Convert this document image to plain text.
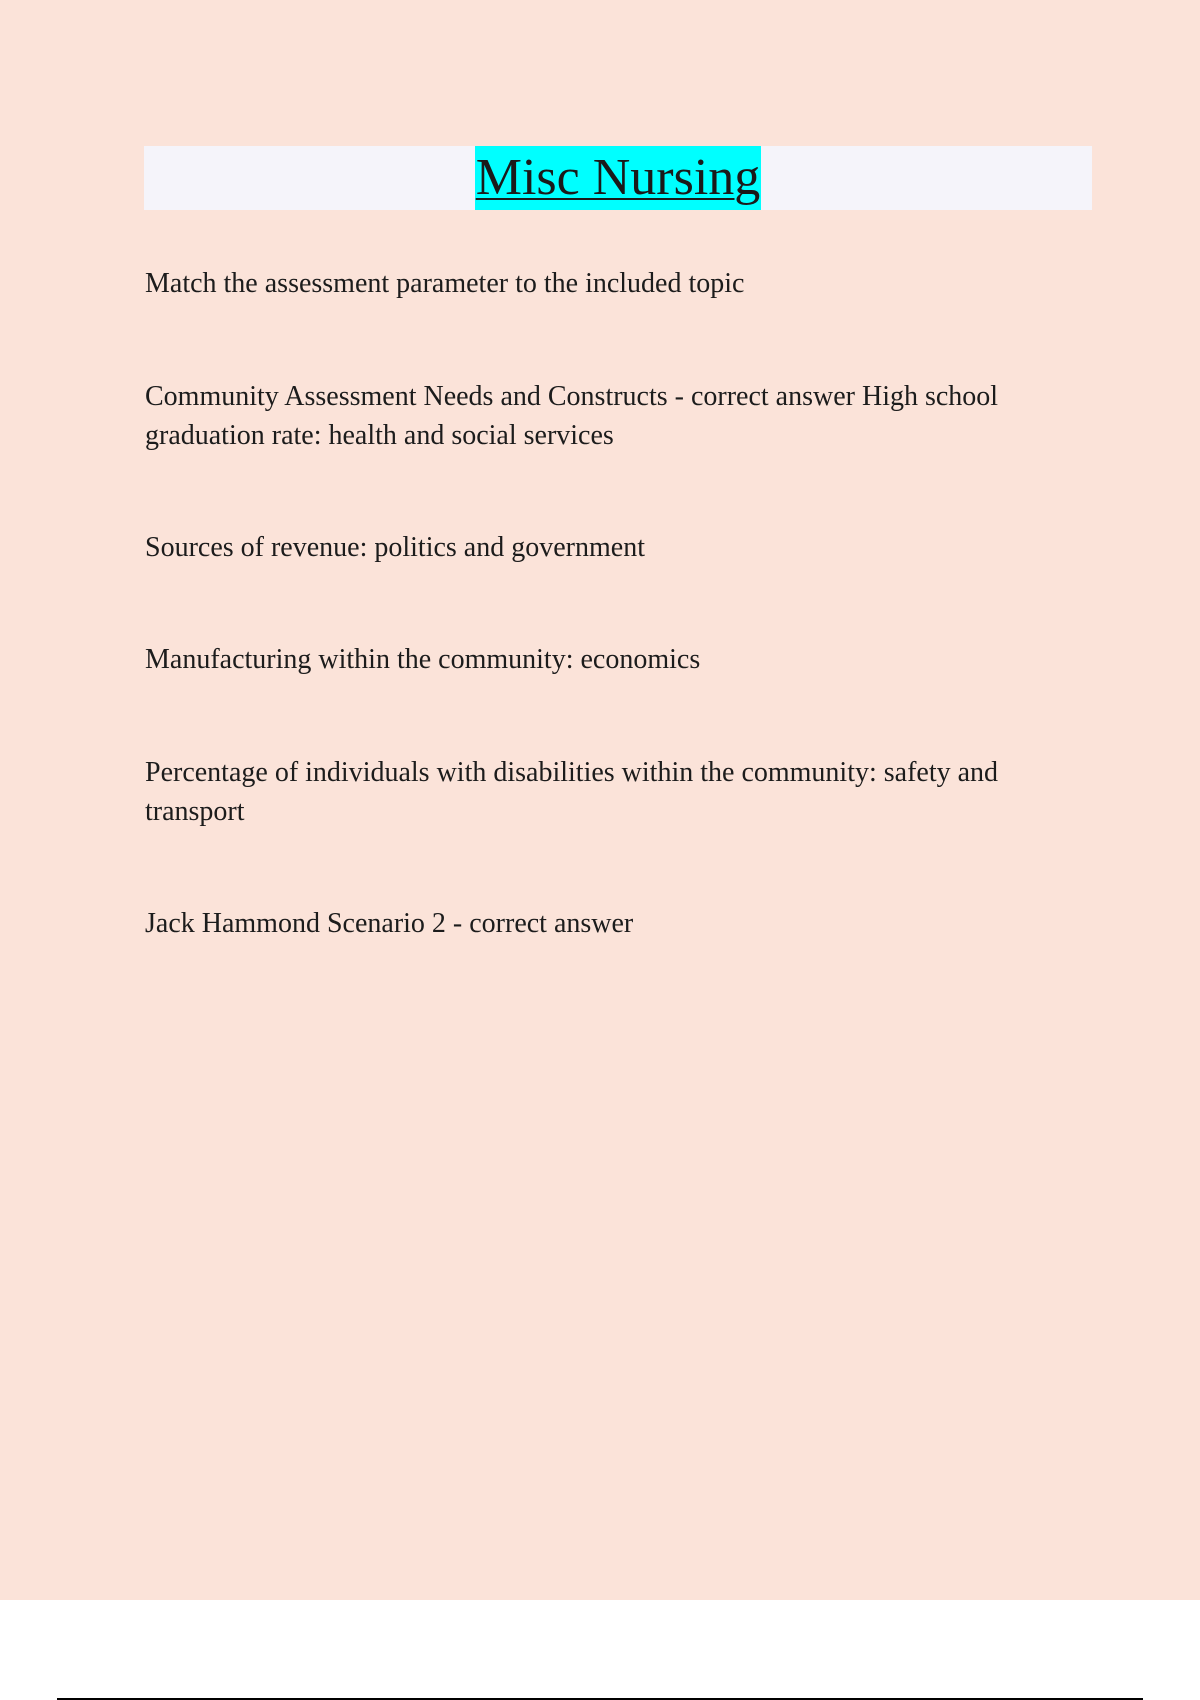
Misc Nursing

Match the assessment parameter to the included topic

Community Assessment Needs and Constructs - correct answer High school graduation rate: health and social services

Sources of revenue: politics and government

Manufacturing within the community: economics

Percentage of individuals with disabilities within the community: safety and transport

Jack Hammond Scenario 2 - correct answer
